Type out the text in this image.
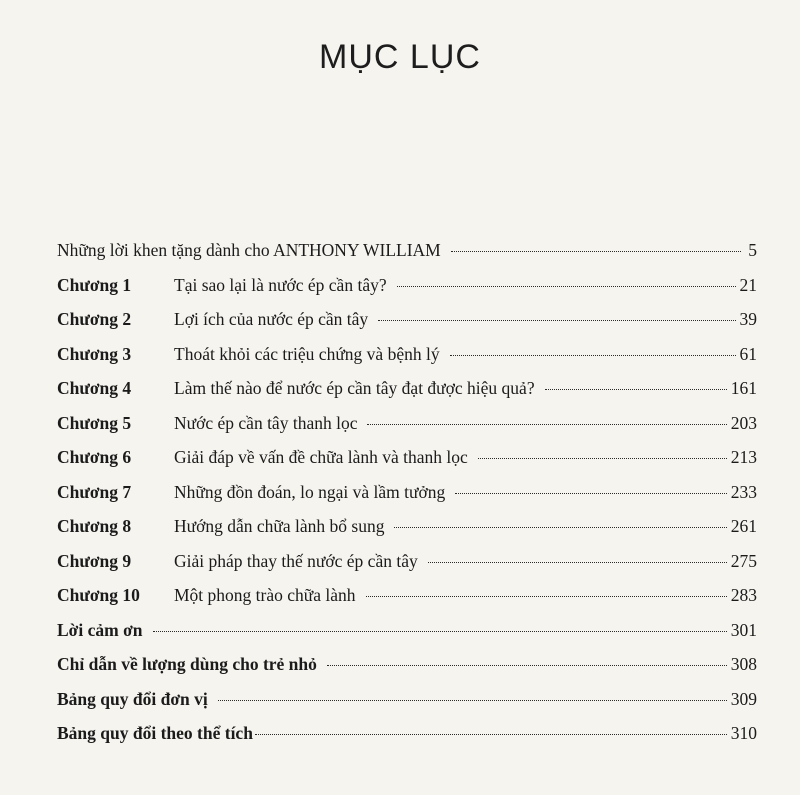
MỤC LỤC
Những lời khen tặng dành cho ANTHONY WILLIAM	5
Chương 1	Tại sao lại là nước ép cần tây?	21
Chương 2	Lợi ích của nước ép cần tây	39
Chương 3	Thoát khỏi các triệu chứng và bệnh lý	61
Chương 4	Làm thế nào để nước ép cần tây đạt được hiệu quả?	161
Chương 5	Nước ép cần tây thanh lọc	203
Chương 6	Giải đáp về vấn đề chữa lành và thanh lọc	213
Chương 7	Những đồn đoán, lo ngại và lầm tưởng	233
Chương 8	Hướng dẫn chữa lành bổ sung	261
Chương 9	Giải pháp thay thế nước ép cần tây	275
Chương 10	Một phong trào chữa lành	283
Lời cảm ơn	301
Chỉ dẫn về lượng dùng cho trẻ nhỏ	308
Bảng quy đổi đơn vị	309
Bảng quy đổi theo thể tích	310
